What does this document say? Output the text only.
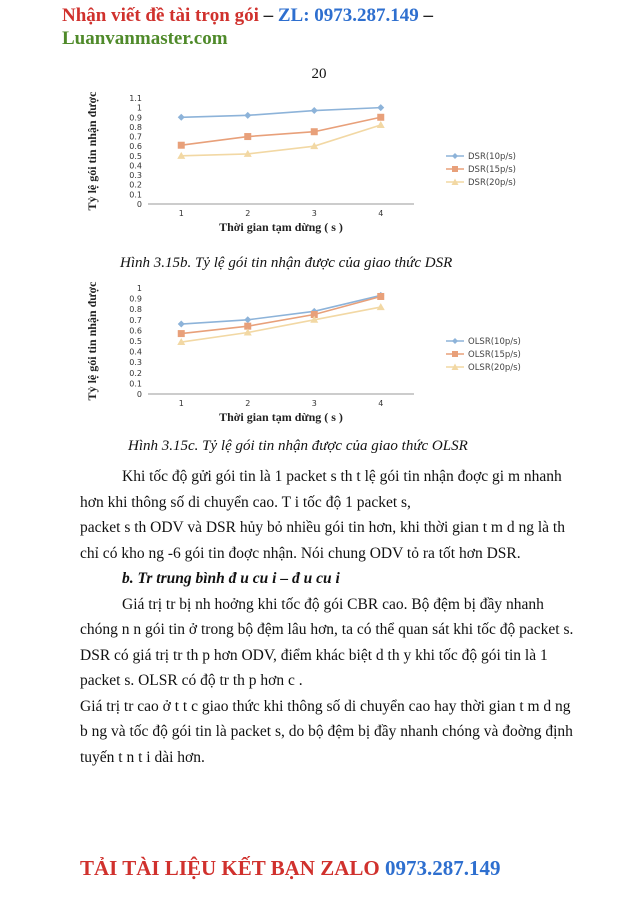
Nhận viết đề tài trọn gói – ZL: 0973.287.149 –
Luanvanmaster.com
20
0
0.1
0.2
0.3
0.4
0.5
0.6
0.7
0.8
0.9
1
1.1
1	2	3	4
Thời gian tạm dừng ( s )
Tỷ lệ gói tin nhận được	DSR(10p/s)
DSR(15p/s)
DSR(20p/s)
Hình 3.15b. Tỷ lệ gói tin nhận được của giao thức DSR
0
0.1
0.2
0.3
0.4
0.5
0.6
0.7
0.8
0.9
1
1	2	3	4
Thời gian tạm dừng ( s )
Tỷ lệ gói tin nhận được	OLSR(10p/s)
OLSR(15p/s)
OLSR(20p/s)
Hình 3.15c. Tỷ lệ gói tin nhận được của giao thức OLSR

Khi tốc độ gửi gói tin là 1 packet s th t lệ gói tin nhận đoợc gi m nhanh hơn khi thông số di chuyển cao. T i tốc độ 1 packet s,

packet s th ODV và DSR hủy bỏ nhiều gói tin hơn, khi thời gian t m d ng là th chỉ có kho ng -6 gói tin đoợc nhận. Nói chung ODV tỏ ra tốt hơn DSR.

b. Tr trung bình đ u cu i – đ u cu i

Giá trị tr bị nh hoởng khi tốc độ gói CBR cao. Bộ đệm bị đầy nhanh chóng n n gói tin ở trong bộ đệm lâu hơn, ta có thể quan sát khi tốc độ packet s. DSR có giá trị tr th p hơn ODV, điểm khác biệt d th y khi tốc độ gói tin là 1 packet s. OLSR có độ tr th p hơn c .

Giá trị tr cao ở t t c giao thức khi thông số di chuyển cao hay thời gian t m d ng b ng và tốc độ gói tin là packet s, do bộ đệm bị đầy nhanh chóng và đoờng định tuyến t n t i dài hơn.

TẢI TÀI LIỆU KẾT BẠN ZALO 0973.287.149
